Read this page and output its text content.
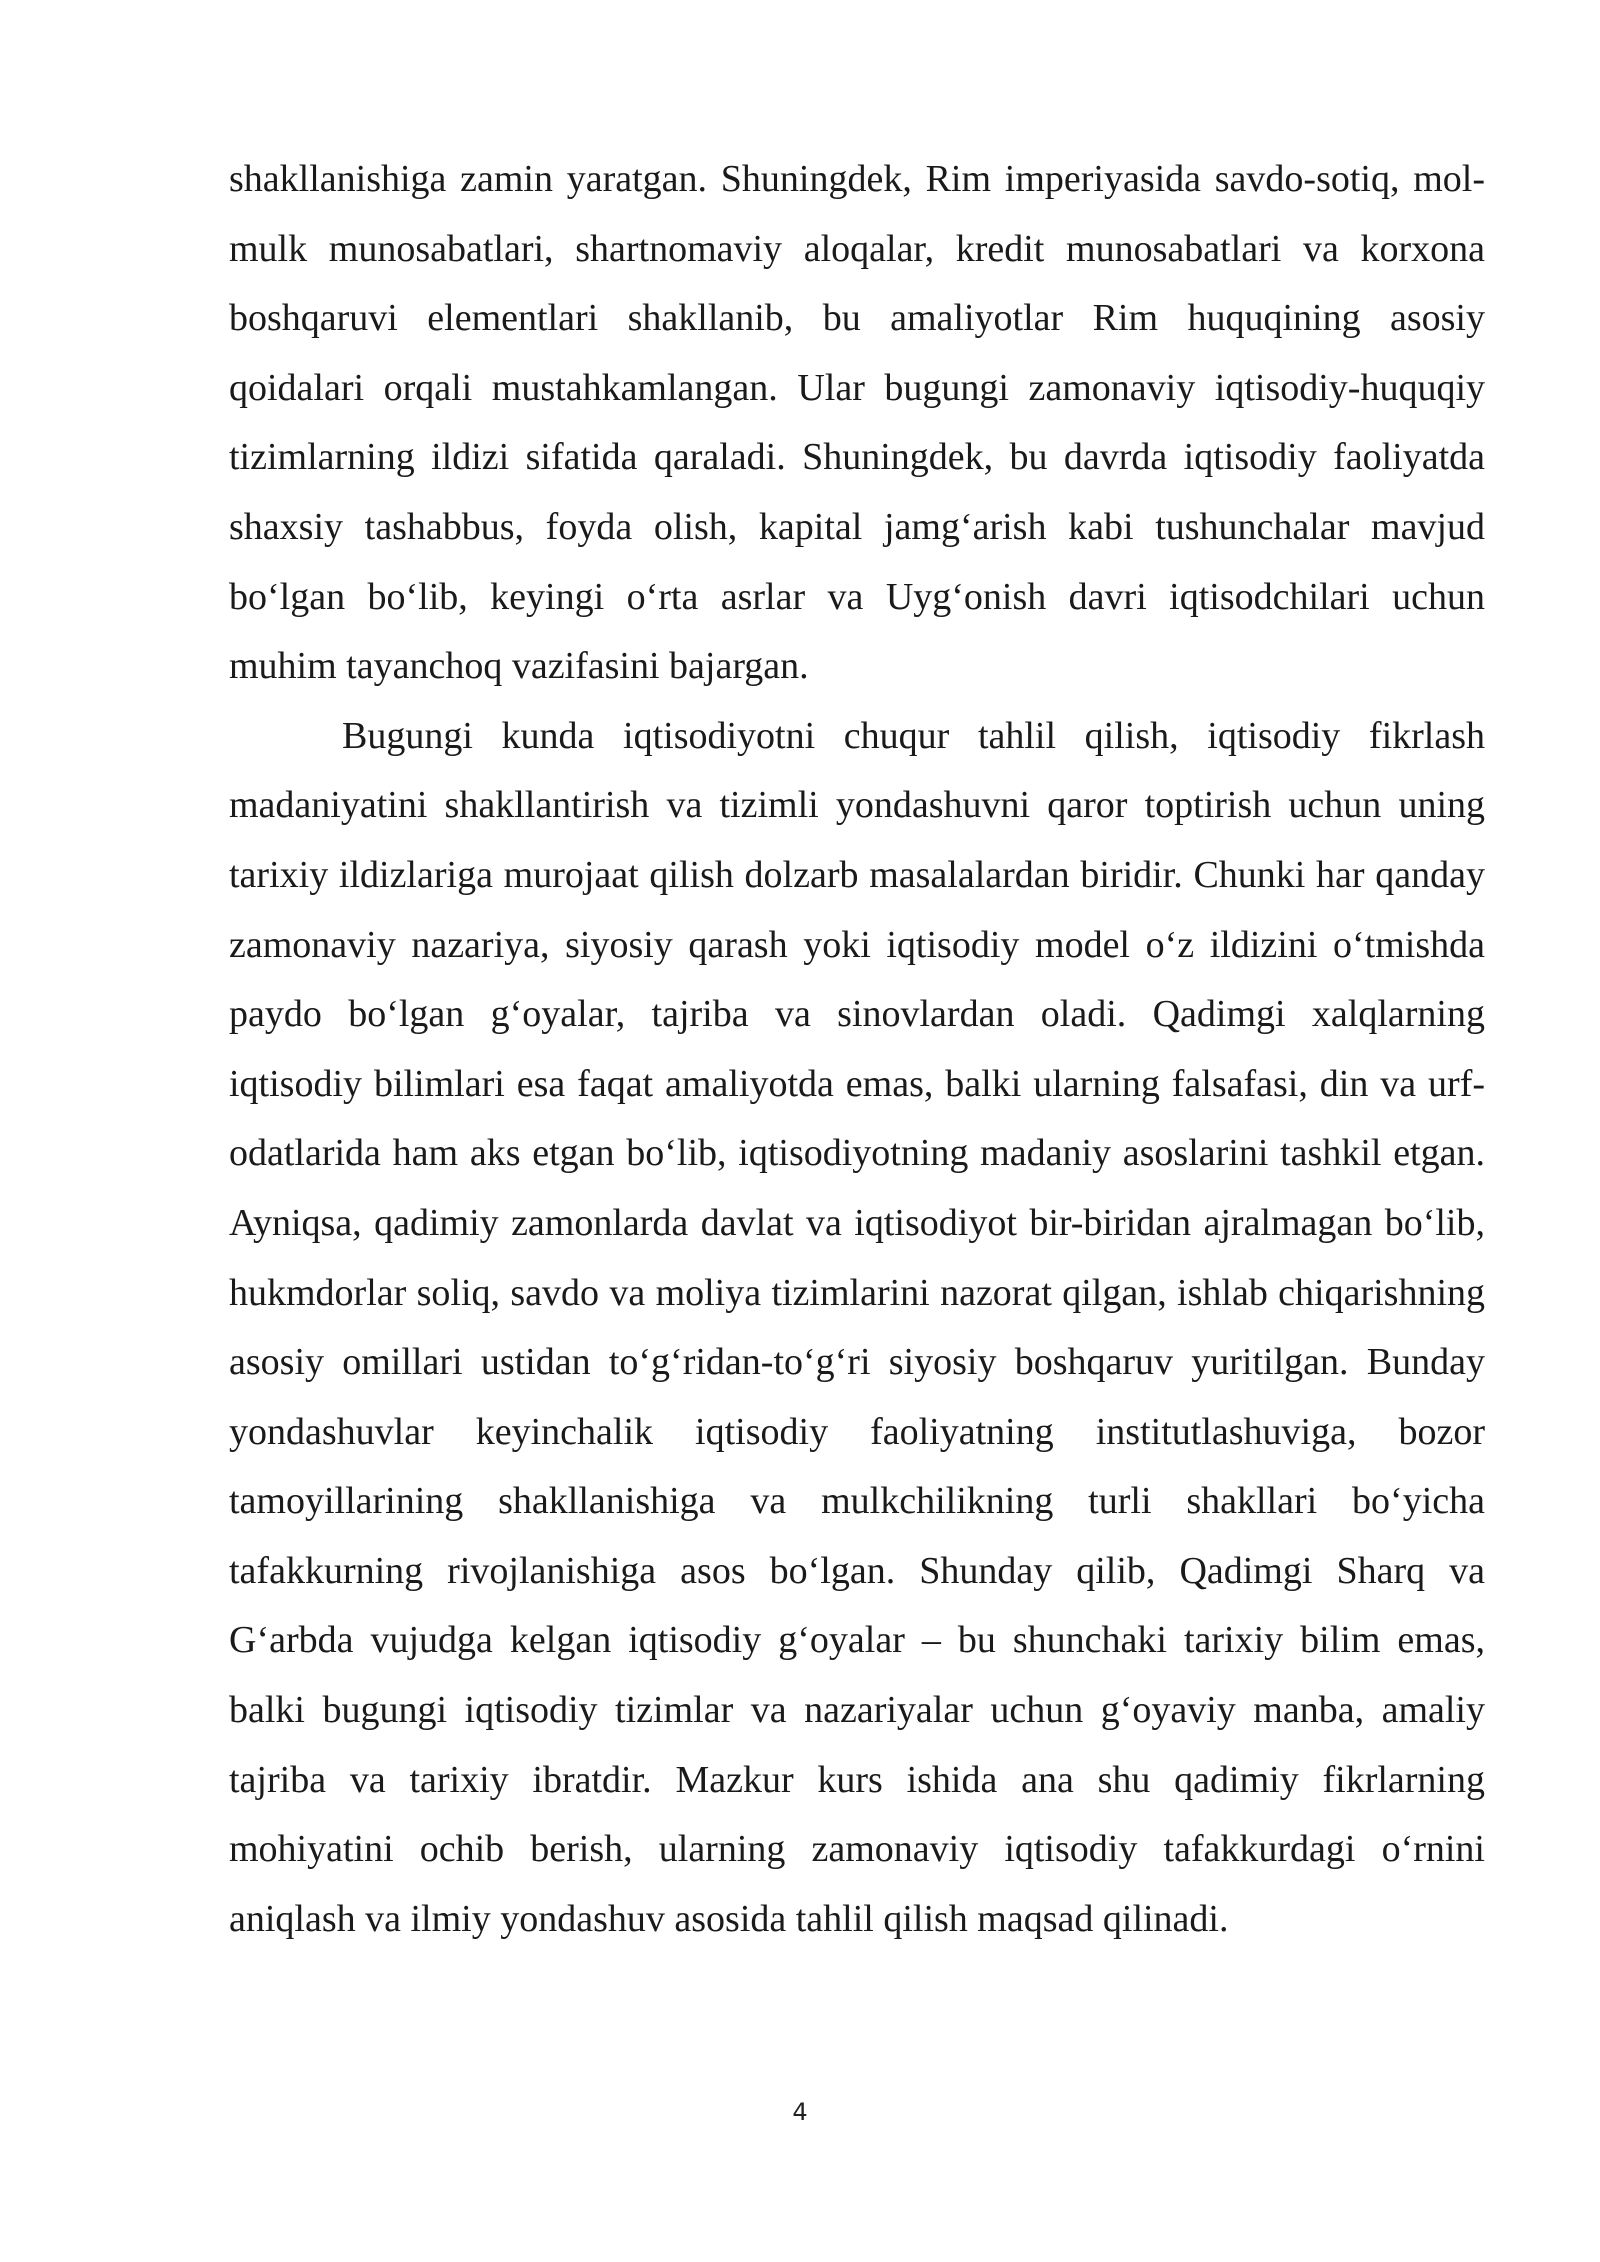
shakllanishiga zamin yaratgan. Shuningdek, Rim imperiyasida savdo-sotiq, mol-mulk munosabatlari, shartnomaviy aloqalar, kredit munosabatlari va korxona boshqaruvi elementlari shakllanib, bu amaliyotlar Rim huquqining asosiy qoidalari orqali mustahkamlangan. Ular bugungi zamonaviy iqtisodiy-huquqiy tizimlarning ildizi sifatida qaraladi. Shuningdek, bu davrda iqtisodiy faoliyatda shaxsiy tashabbus, foyda olish, kapital jamg‘arish kabi tushunchalar mavjud bo‘lgan bo‘lib, keyingi o‘rta asrlar va Uyg‘onish davri iqtisodchilari uchun muhim tayanchoq vazifasini bajargan.

Bugungi kunda iqtisodiyotni chuqur tahlil qilish, iqtisodiy fikrlash madaniyatini shakllantirish va tizimli yondashuvni qaror toptirish uchun uning tarixiy ildizlariga murojaat qilish dolzarb masalalardan biridir. Chunki har qanday zamonaviy nazariya, siyosiy qarash yoki iqtisodiy model o‘z ildizini o‘tmishda paydo bo‘lgan g‘oyalar, tajriba va sinovlardan oladi. Qadimgi xalqlarning iqtisodiy bilimlari esa faqat amaliyotda emas, balki ularning falsafasi, din va urf-odatlarida ham aks etgan bo‘lib, iqtisodiyotning madaniy asoslarini tashkil etgan. Ayniqsa, qadimiy zamonlarda davlat va iqtisodiyot bir-biridan ajralmagan bo‘lib, hukmdorlar soliq, savdo va moliya tizimlarini nazorat qilgan, ishlab chiqarishning asosiy omillari ustidan to‘g‘ridan-to‘g‘ri siyosiy boshqaruv yuritilgan. Bunday yondashuvlar keyinchalik iqtisodiy faoliyatning institutlashuviga, bozor tamoyillarining shakllanishiga va mulkchilikning turli shakllari bo‘yicha tafakkurning rivojlanishiga asos bo‘lgan. Shunday qilib, Qadimgi Sharq va G‘arbda vujudga kelgan iqtisodiy g‘oyalar – bu shunchaki tarixiy bilim emas, balki bugungi iqtisodiy tizimlar va nazariyalar uchun g‘oyaviy manba, amaliy tajriba va tarixiy ibratdir. Mazkur kurs ishida ana shu qadimiy fikrlarning mohiyatini ochib berish, ularning zamonaviy iqtisodiy tafakkurdagi o‘rnini aniqlash va ilmiy yondashuv asosida tahlil qilish maqsad qilinadi.

4
